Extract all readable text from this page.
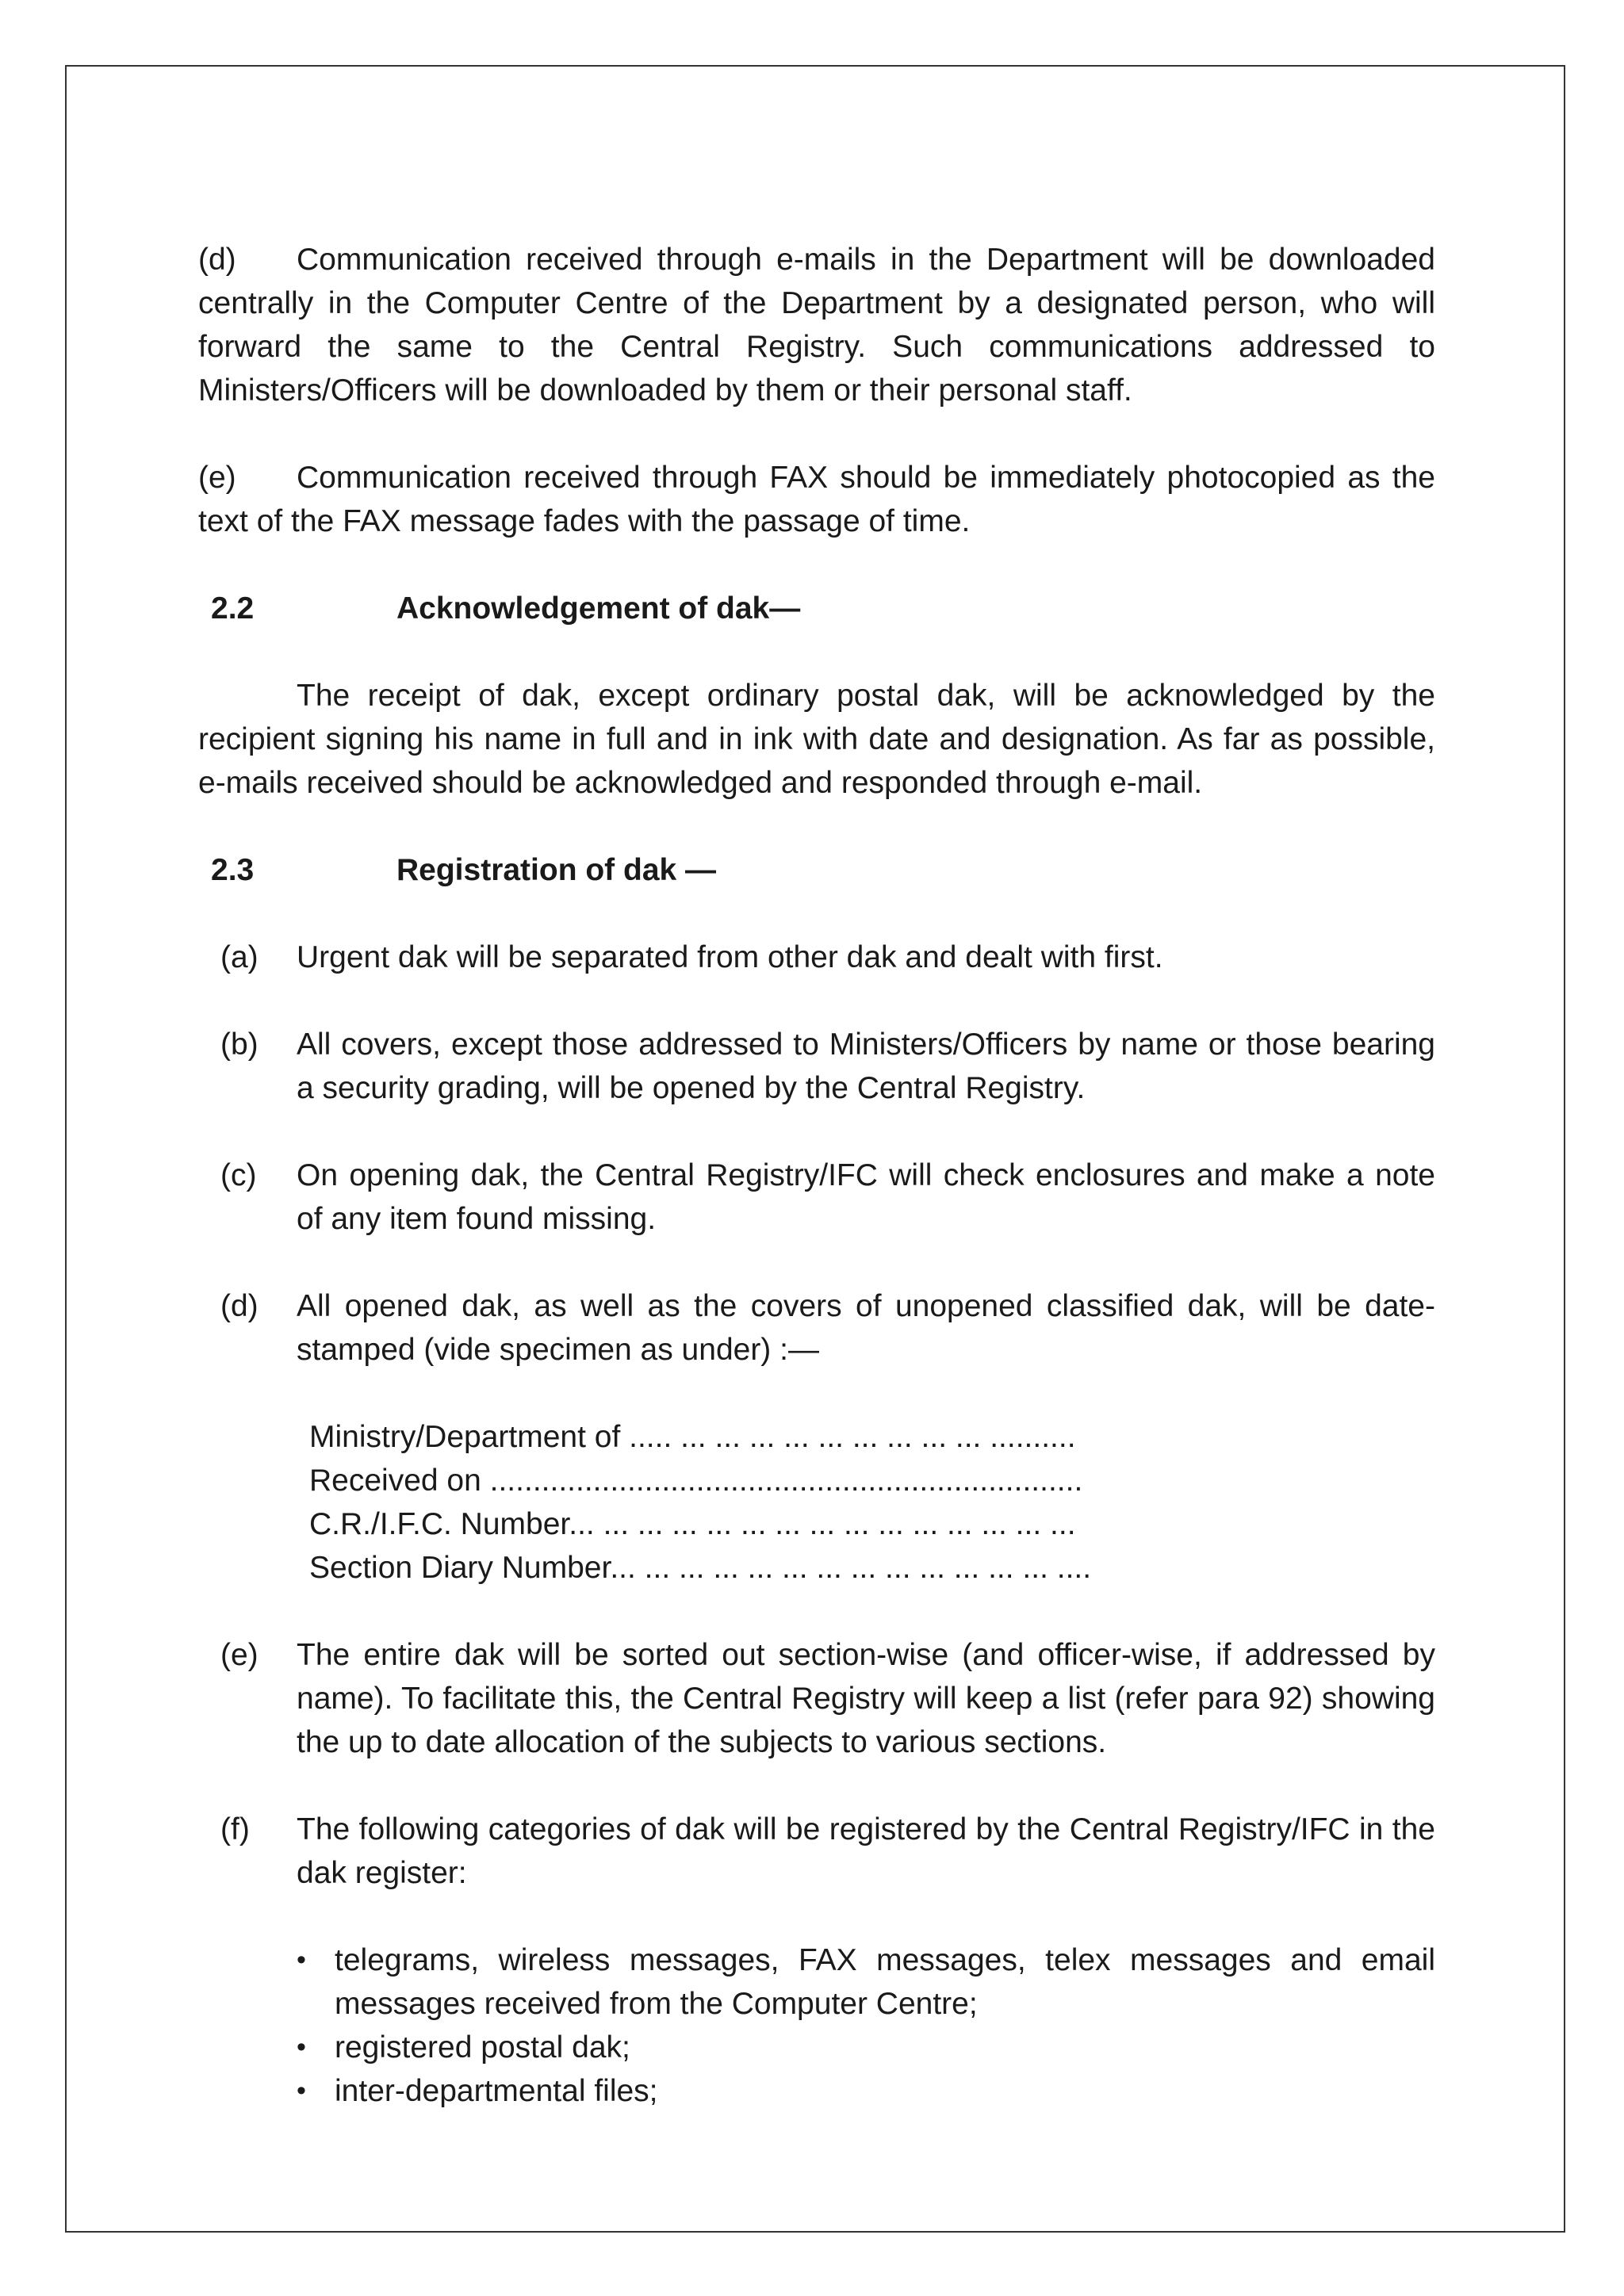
(d) Communication received through e-mails in the Department will be downloaded centrally in the Computer Centre of the Department by a designated person, who will forward the same to the Central Registry. Such communications addressed to Ministers/Officers will be downloaded by them or their personal staff.

(e) Communication received through FAX should be immediately photocopied as the text of the FAX message fades with the passage of time.

2.2	Acknowledgement of dak—

The receipt of dak, except ordinary postal dak, will be acknowledged by the recipient signing his name in full and in ink with date and designation. As far as possible, e-mails received should be acknowledged and responded through e-mail.

2.3	Registration of dak —
(a)	Urgent dak will be separated from other dak and dealt with first.
(b)	All covers, except those addressed to Ministers/Officers by name or those bearing a security grading, will be opened by the Central Registry.
(c)	On opening dak, the Central Registry/IFC will check enclosures and make a note of any item found missing.
(d)	All opened dak, as well as the covers of unopened classified dak, will be date-stamped (vide specimen as under) :—
Ministry/Department of ..... ... ... ... ... ... ... ... ... ... ..........
Received on .....................................................................
C.R./I.F.C. Number... ... ... ... ... ... ... ... ... ... ... ... ... ... ...
Section Diary Number... ... ... ... ... ... ... ... ... ... ... ... ... ....
(e)	The entire dak will be sorted out section-wise (and officer-wise, if addressed by name). To facilitate this, the Central Registry will keep a list (refer para 92) showing the up to date allocation of the subjects to various sections.
(f)	The following categories of dak will be registered by the Central Registry/IFC in the dak register:
• telegrams, wireless messages, FAX messages, telex messages and email messages received from the Computer Centre;
• registered postal dak;
• inter-departmental files;
